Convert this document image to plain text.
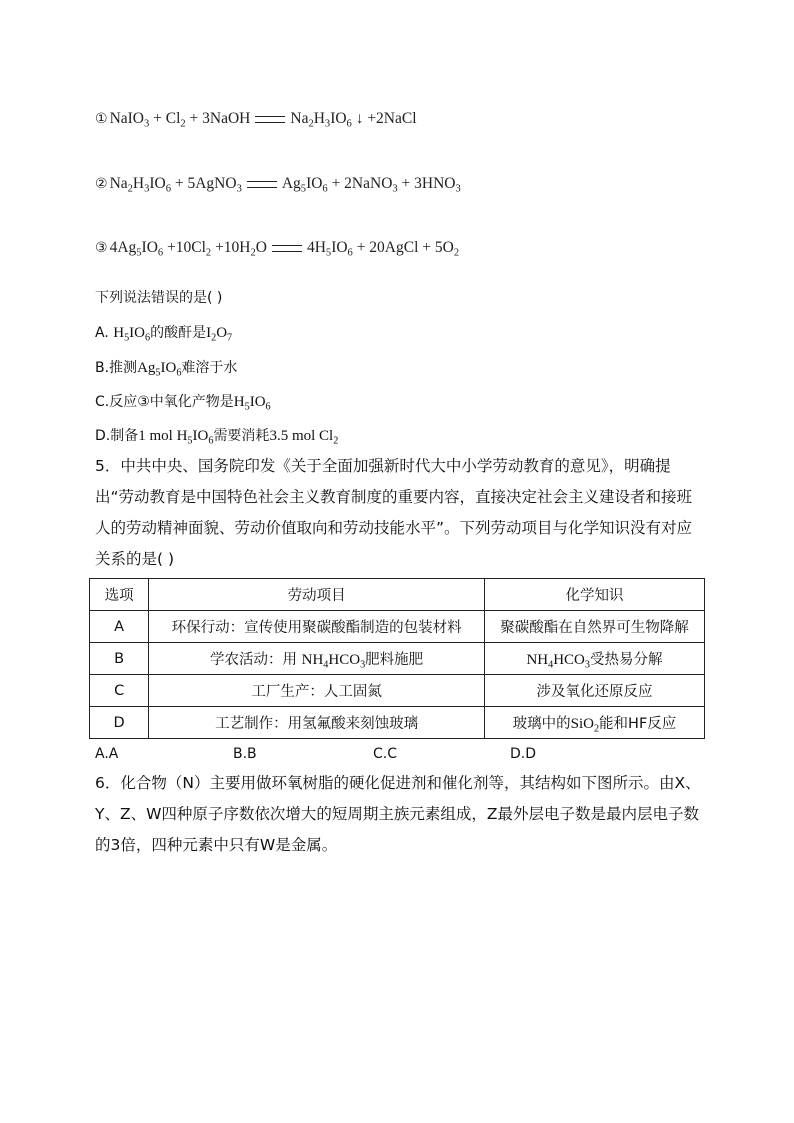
① NaIO$_3$ + $Cl_2$ + 3NaOH	$Na_2H_3IO_6$ ↓ +2NaCl
② $Na_2H_3IO_6$ + 5AgNO$_3$	$Ag_5IO_6$ + 2NaNO$_3$ + $3HNO_3$
③ $4Ag_5IO_6 +10Cl_2 +10H_2O$	$4H_5IO_6$ + 20AgCl + $5O_2$
下列说法错误的是( )
A. $H_5IO_6$的酸酐是$I_2O_7$
B.推测$Ag_5IO_6$难溶于水
C.反应③中氧化产物是$H_5IO_6$
D.制备1 mol $H_5IO_6$需要消耗3.5 mol $Cl_2$
5．中共中央、国务院印发《关于全面加强新时代大中小学劳动教育的意见》，明确提出“劳动教育是中国特色社会主义教育制度的重要内容，直接决定社会主义建设者和接班人的劳动精神面貌、劳动价值取向和劳动技能水平”。下列劳动项目与化学知识没有对应关系的是( )
选项	劳动项目	化学知识
A	环保行动：宣传使用聚碳酸酯制造的包装材料	聚碳酸酯在自然界可生物降解
B	学农活动：用 $NH_4HCO_3$肥料施肥	$NH_4HCO_3$受热易分解
C	工厂生产：人工固氮	涉及氧化还原反应
D	工艺制作：用氢氟酸来刻蚀玻璃	玻璃中的SiO$_2$能和HF反应
A.A	B.B	C.C	D.D
6．化合物（N）主要用做环氧树脂的硬化促进剂和催化剂等，其结构如下图所示。由X、Y、Z、W四种原子序数依次增大的短周期主族元素组成，Z最外层电子数是最内层电子数的3倍，四种元素中只有W是金属。
